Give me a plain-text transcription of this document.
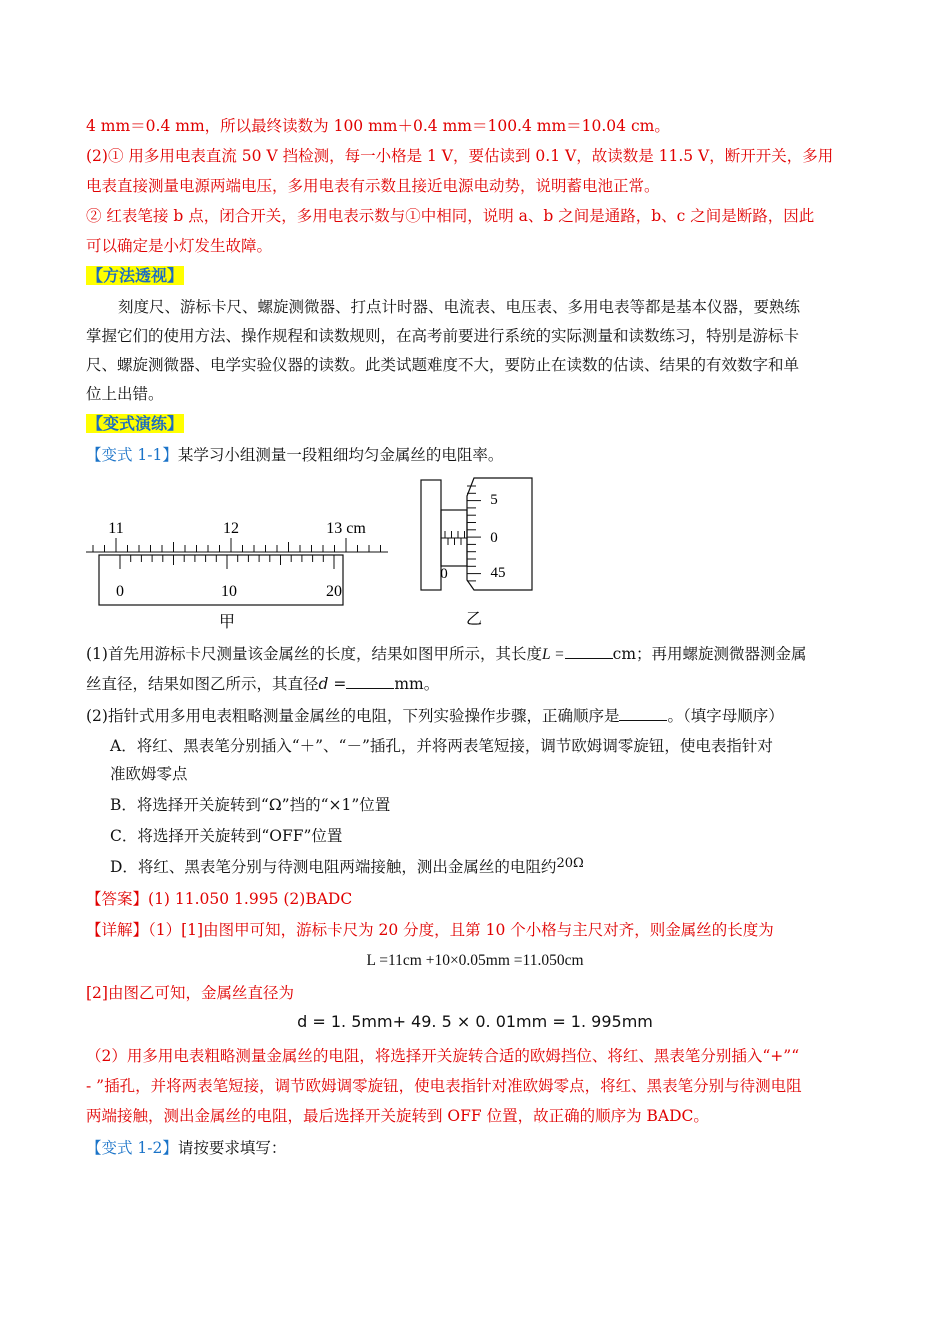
4 mm＝0.4 mm，所以最终读数为 100 mm＋0.4 mm＝100.4 mm＝10.04 cm。
(2)① 用多用电表直流 50 V 挡检测，每一小格是 1 V，要估读到 0.1 V，故读数是 11.5 V，断开开关，多用
电表直接测量电源两端电压，多用电表有示数且接近电源电动势，说明蓄电池正常。
② 红表笔接 b 点，闭合开关，多用电表示数与①中相同，说明 a、b 之间是通路，b、c 之间是断路，因此
可以确定是小灯发生故障。
【方法透视】
刻度尺、游标卡尺、螺旋测微器、打点计时器、电流表、电压表、多用电表等都是基本仪器，要熟练
掌握它们的使用方法、操作规程和读数规则，在高考前要进行系统的实际测量和读数练习，特别是游标卡
尺、螺旋测微器、电学实验仪器的读数。此类试题难度不大，要防止在读数的估读、结果的有效数字和单
位上出错。
【变式演练】
【变式 1-1】某学习小组测量一段粗细均匀金属丝的电阻率。
11	12	13 cm
0	10	20
甲
0
5
0
45
乙
(1)首先用游标卡尺测量该金属丝的长度，结果如图甲所示，其长度L =	cm；再用螺旋测微器测金属
丝直径，结果如图乙所示，其直径d =	mm。
(2)指针式用多用电表粗略测量金属丝的电阻，下列实验操作步骤，正确顺序是	。（填字母顺序）
A．将红、黑表笔分别插入“＋”、“－”插孔，并将两表笔短接，调节欧姆调零旋钮，使电表指针对
准欧姆零点
B．将选择开关旋转到“Ω”挡的“×1”位置
C．将选择开关旋转到“OFF”位置
D．将红、黑表笔分别与待测电阻两端接触，测出金属丝的电阻约$^{20\Omega}$
【答案】(1) 11.050 1.995 (2)BADC
【详解】（1）[1]由图甲可知，游标卡尺为 20 分度，且第 10 个小格与主尺对齐，则金属丝的长度为
L =11cm +10×0.05mm =11.050cm
[2]由图乙可知，金属丝直径为
d = 1. 5mm+ 49. 5 × 0. 01mm = 1. 995mm
（2）用多用电表粗略测量金属丝的电阻，将选择开关旋转合适的欧姆挡位、将红、黑表笔分别插入“+”“
- ”插孔，并将两表笔短接，调节欧姆调零旋钮，使电表指针对准欧姆零点，将红、黑表笔分别与待测电阻
两端接触，测出金属丝的电阻，最后选择开关旋转到 OFF 位置，故正确的顺序为 BADC。
【变式 1-2】请按要求填写：
